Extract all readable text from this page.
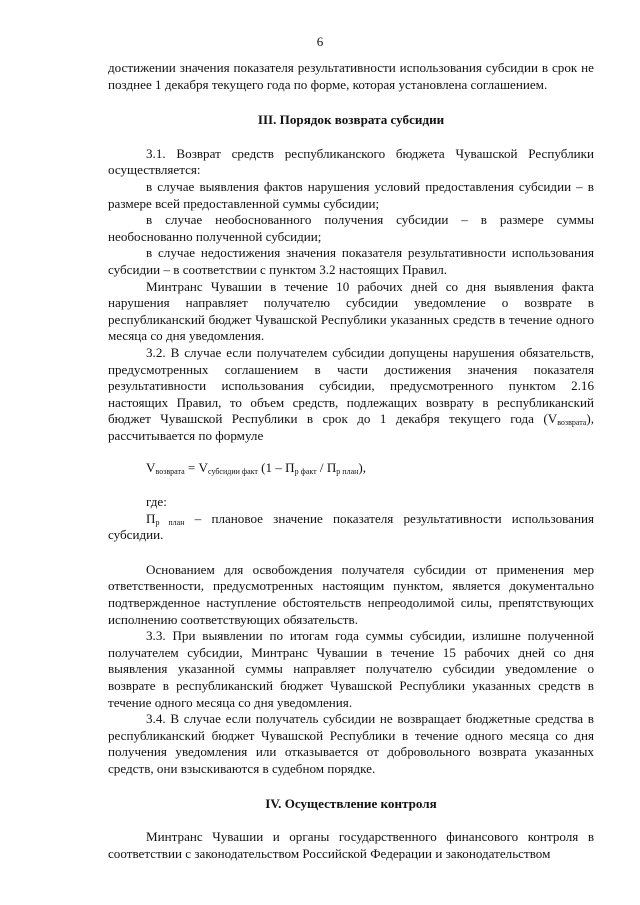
6

достижении значения показателя результативности использования субсидии в срок не позднее 1 декабря текущего года по форме, которая установлена соглашением.

III. Порядок возврата субсидии

3.1. Возврат средств республиканского бюджета Чувашской Республики осуществляется:

в случае выявления фактов нарушения условий предоставления субсидии – в размере всей предоставленной суммы субсидии;

в случае необоснованного получения субсидии – в размере суммы необоснованно полученной субсидии;

в случае недостижения значения показателя результативности использования субсидии – в соответствии с пунктом 3.2 настоящих Правил.

Минтранс Чувашии в течение 10 рабочих дней со дня выявления факта нарушения направляет получателю субсидии уведомление о возврате в республиканский бюджет Чувашской Республики указанных средств в течение одного месяца со дня уведомления.

3.2. В случае если получателем субсидии допущены нарушения обязательств, предусмотренных соглашением в части достижения значения показателя результативности использования субсидии, предусмотренного пунктом 2.16 настоящих Правил, то объем средств, подлежащих возврату в республиканский бюджет Чувашской Республики в срок до 1 декабря текущего года $(V_{возврата})$, рассчитывается по формуле

$V_{возврата} = V_{субсидии факт}$ $(1 - П_{р факт} / П_{р план})$,

где:

$П_{р план}$ – плановое значение показателя результативности использования субсидии.

Основанием для освобождения получателя субсидии от применения мер ответственности, предусмотренных настоящим пунктом, является документально подтвержденное наступление обстоятельств непреодолимой силы, препятствующих исполнению соответствующих обязательств.

3.3. При выявлении по итогам года суммы субсидии, излишне полученной получателем субсидии, Минтранс Чувашии в течение 15 рабочих дней со дня выявления указанной суммы направляет получателю субсидии уведомление о возврате в республиканский бюджет Чувашской Республики указанных средств в течение одного месяца со дня уведомления.

3.4. В случае если получатель субсидии не возвращает бюджетные средства в республиканский бюджет Чувашской Республики в течение одного месяца со дня получения уведомления или отказывается от добровольного возврата указанных средств, они взыскиваются в судебном порядке.

IV. Осуществление контроля

Минтранс Чувашии и органы государственного финансового контроля в соответствии с законодательством Российской Федерации и законодательством
